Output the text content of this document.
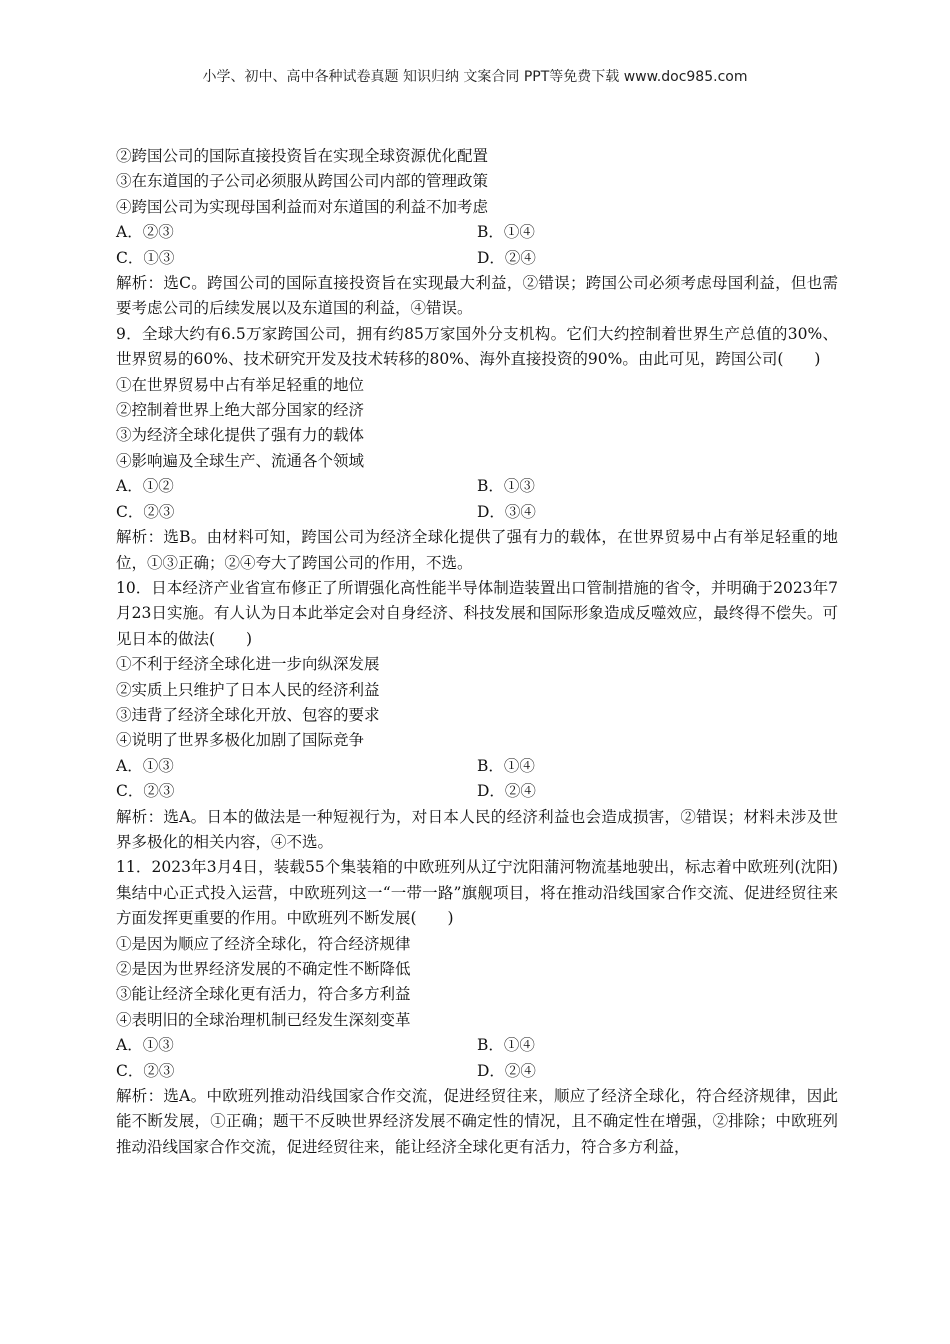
小学、初中、高中各种试卷真题 知识归纳 文案合同 PPT等免费下载 www.doc985.com
②跨国公司的国际直接投资旨在实现全球资源优化配置
③在东道国的子公司必须服从跨国公司内部的管理政策
④跨国公司为实现母国利益而对东道国的利益不加考虑
A．②③	B．①④
C．①③	D．②④
解析：选C。跨国公司的国际直接投资旨在实现最大利益，②错误；跨国公司必须考虑母国利益，但也需要考虑公司的后续发展以及东道国的利益，④错误。
9．全球大约有6.5万家跨国公司，拥有约85万家国外分支机构。它们大约控制着世界生产总值的30%、世界贸易的60%、技术研究开发及技术转移的80%、海外直接投资的90%。由此可见，跨国公司(　　)
①在世界贸易中占有举足轻重的地位
②控制着世界上绝大部分国家的经济
③为经济全球化提供了强有力的载体
④影响遍及全球生产、流通各个领域
A．①②	B．①③
C．②③	D．③④
解析：选B。由材料可知，跨国公司为经济全球化提供了强有力的载体，在世界贸易中占有举足轻重的地位，①③正确；②④夸大了跨国公司的作用，不选。
10．日本经济产业省宣布修正了所谓强化高性能半导体制造装置出口管制措施的省令，并明确于2023年7月23日实施。有人认为日本此举定会对自身经济、科技发展和国际形象造成反噬效应，最终得不偿失。可见日本的做法(　　)
①不利于经济全球化进一步向纵深发展
②实质上只维护了日本人民的经济利益
③违背了经济全球化开放、包容的要求
④说明了世界多极化加剧了国际竞争
A．①③	B．①④
C．②③	D．②④
解析：选A。日本的做法是一种短视行为，对日本人民的经济利益也会造成损害，②错误；材料未涉及世界多极化的相关内容，④不选。
11．2023年3月4日，装载55个集装箱的中欧班列从辽宁沈阳蒲河物流基地驶出，标志着中欧班列(沈阳)集结中心正式投入运营，中欧班列这一“一带一路”旗舰项目，将在推动沿线国家合作交流、促进经贸往来方面发挥更重要的作用。中欧班列不断发展(　　)
①是因为顺应了经济全球化，符合经济规律
②是因为世界经济发展的不确定性不断降低
③能让经济全球化更有活力，符合多方利益
④表明旧的全球治理机制已经发生深刻变革
A．①③	B．①④
C．②③	D．②④
解析：选A。中欧班列推动沿线国家合作交流，促进经贸往来，顺应了经济全球化，符合经济规律，因此能不断发展，①正确；题干不反映世界经济发展不确定性的情况，且不确定性在增强，②排除；中欧班列推动沿线国家合作交流，促进经贸往来，能让经济全球化更有活力，符合多方利益，
